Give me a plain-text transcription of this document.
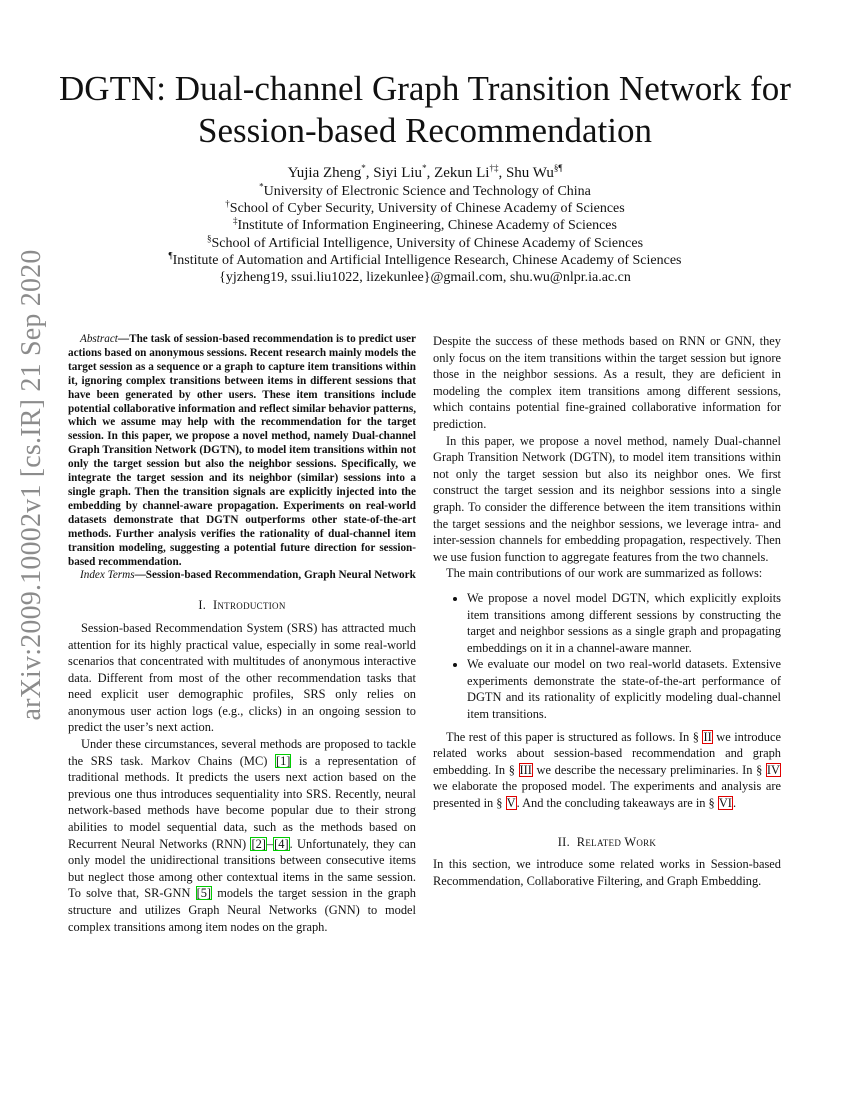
arXiv:2009.10002v1 [cs.IR] 21 Sep 2020
DGTN: Dual-channel Graph Transition Network for
Session-based Recommendation
Yujia Zheng*, Siyi Liu*, Zekun Li†‡, Shu Wu§¶
*University of Electronic Science and Technology of China
†School of Cyber Security, University of Chinese Academy of Sciences
‡Institute of Information Engineering, Chinese Academy of Sciences
§School of Artificial Intelligence, University of Chinese Academy of Sciences
¶Institute of Automation and Artificial Intelligence Research, Chinese Academy of Sciences
{yjzheng19, ssui.liu1022, lizekunlee}@gmail.com, shu.wu@nlpr.ia.ac.cn

Abstract—The task of session-based recommendation is to predict user actions based on anonymous sessions. Recent research mainly models the target session as a sequence or a graph to capture item transitions within it, ignoring complex transitions between items in different sessions that have been generated by other users. These item transitions include potential collaborative information and reflect similar behavior patterns, which we assume may help with the recommendation for the target session. In this paper, we propose a novel method, namely Dual-channel Graph Transition Network (DGTN), to model item transitions within not only the target session but also the neighbor sessions. Specifically, we integrate the target session and its neighbor (similar) sessions into a single graph. Then the transition signals are explicitly injected into the embedding by channel-aware propagation. Experiments on real-world datasets demonstrate that DGTN outperforms other state-of-the-art methods. Further analysis verifies the rationality of dual-channel item transition modeling, suggesting a potential future direction for session-based recommendation.

Index Terms—Session-based Recommendation, Graph Neural Network

I. Introduction

Session-based Recommendation System (SRS) has attracted much attention for its highly practical value, especially in some real-world scenarios that concentrated with multitudes of anonymous interactive data. Different from most of the other recommendation tasks that need explicit user demographic profiles, SRS only relies on anonymous user action logs (e.g., clicks) in an ongoing session to predict the user’s next action.

Under these circumstances, several methods are proposed to tackle the SRS task. Markov Chains (MC) [1] is a representation of traditional methods. It predicts the users next action based on the previous one thus introduces sequentiality into SRS. Recently, neural network-based methods have become popular due to their strong abilities to model sequential data, such as the methods based on Recurrent Neural Networks (RNN) [2]–[4]. Unfortunately, they can only model the unidirectional transitions between consecutive items but neglect those among other contextual items in the same session. To solve that, SR-GNN [5] models the target session in the graph structure and utilizes Graph Neural Networks (GNN) to model complex transitions among item nodes on the graph.

Despite the success of these methods based on RNN or GNN, they only focus on the item transitions within the target session but ignore those in the neighbor sessions. As a result, they are deficient in modeling the complex item transitions among different sessions, which contains potential fine-grained collaborative information for prediction.

In this paper, we propose a novel method, namely Dual-channel Graph Transition Network (DGTN), to model item transitions within not only the target session but also its neighbor ones. We first construct the target session and its neighbor sessions into a single graph. To consider the difference between the item transitions within the target sessions and the neighbor sessions, we leverage intra- and inter-session channels for embedding propagation, respectively. Then we use fusion function to aggregate features from the two channels.

The main contributions of our work are summarized as follows:

• We propose a novel model DGTN, which explicitly exploits item transitions among different sessions by constructing the target and neighbor sessions as a single graph and propagating embeddings on it in a channel-aware manner.
• We evaluate our model on two real-world datasets. Extensive experiments demonstrate the state-of-the-art performance of DGTN and its rationality of explicitly modeling dual-channel item transitions.

The rest of this paper is structured as follows. In § II we introduce related works about session-based recommendation and graph embedding. In § III we describe the necessary preliminaries. In § IV we elaborate the proposed model. The experiments and analysis are presented in § V. And the concluding takeaways are in § VI.

II. Related Work

In this section, we introduce some related works in Session-based Recommendation, Collaborative Filtering, and Graph Embedding.
